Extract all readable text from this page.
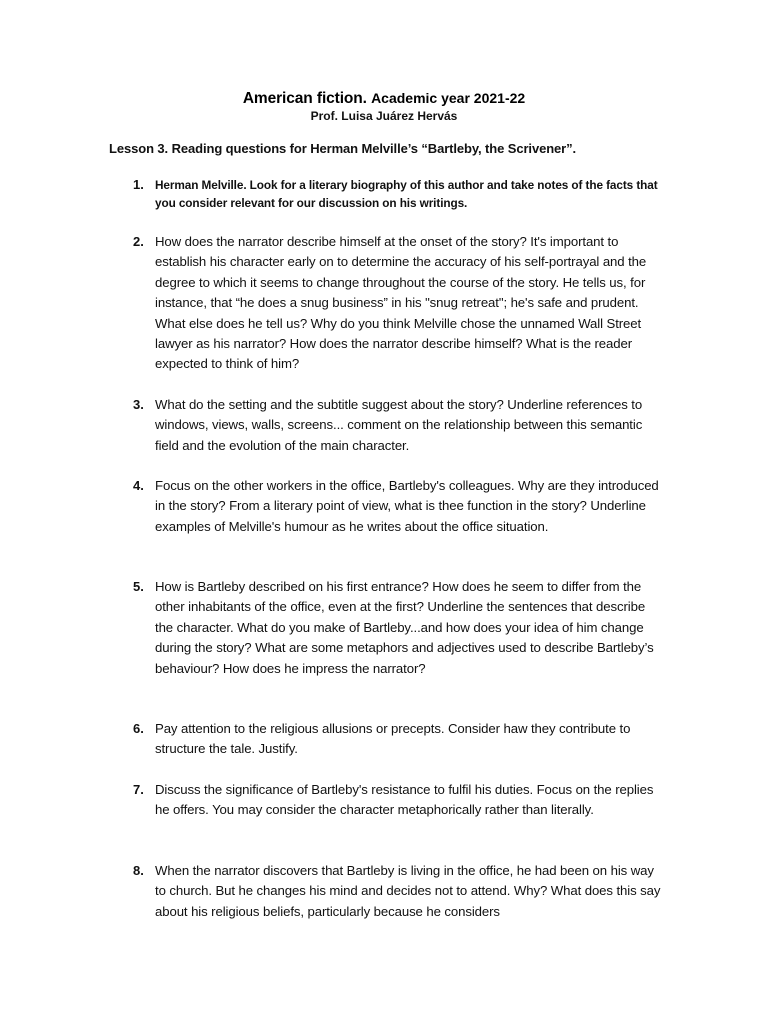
American fiction. Academic year 2021-22
Prof. Luisa Juárez Hervás
Lesson 3. Reading questions for Herman Melville’s “Bartleby, the Scrivener”.
1. Herman Melville. Look for a literary biography of this author and take notes of the facts that you consider relevant for our discussion on his writings.
2. How does the narrator describe himself at the onset of the story? It's important to establish his character early on to determine the accuracy of his self-portrayal and the degree to which it seems to change throughout the course of the story. He tells us, for instance, that “he does a snug business” in his "snug retreat"; he's safe and prudent. What else does he tell us? Why do you think Melville chose the unnamed Wall Street lawyer as his narrator? How does the narrator describe himself? What is the reader expected to think of him?
3. What do the setting and the subtitle suggest about the story? Underline references to windows, views, walls, screens... comment on the relationship between this semantic field and the evolution of the main character.
4. Focus on the other workers in the office, Bartleby's colleagues. Why are they introduced in the story? From a literary point of view, what is thee function in the story? Underline examples of Melville's humour as he writes about the office situation.
5. How is Bartleby described on his first entrance? How does he seem to differ from the other inhabitants of the office, even at the first? Underline the sentences that describe the character. What do you make of Bartleby...and how does your idea of him change during the story? What are some metaphors and adjectives used to describe Bartleby’s behaviour? How does he impress the narrator?
6. Pay attention to the religious allusions or precepts. Consider haw they contribute to structure the tale. Justify.
7. Discuss the significance of Bartleby's resistance to fulfil his duties. Focus on the replies he offers. You may consider the character metaphorically rather than literally.
8. When the narrator discovers that Bartleby is living in the office, he had been on his way to church. But he changes his mind and decides not to attend. Why? What does this say about his religious beliefs, particularly because he considers
